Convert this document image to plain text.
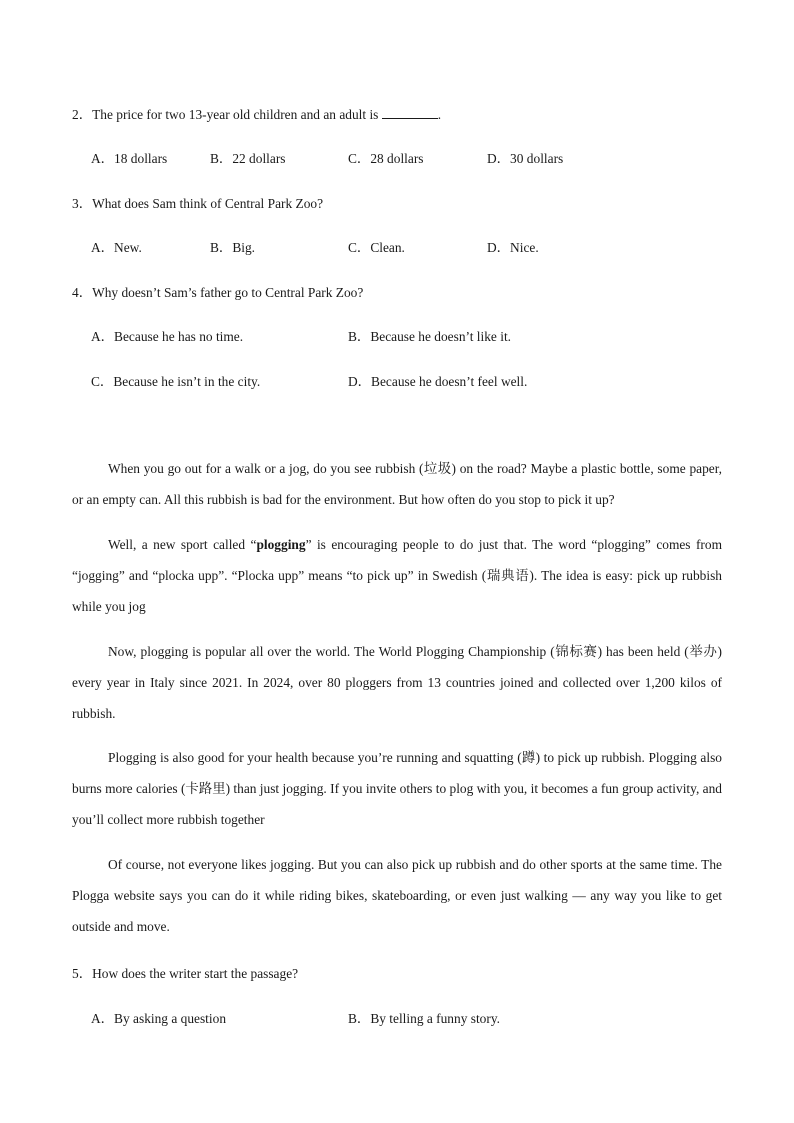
2．The price for two 13-year old children and an adult is	.
A．18 dollars	B．22 dollars	C．28 dollars	D．30 dollars
3．What does Sam think of Central Park Zoo?
A．New.	B．Big.	C．Clean.	D．Nice.
4．Why doesn’t Sam’s father go to Central Park Zoo?
A．Because he has no time.	B．Because he doesn’t like it.
C．Because he isn’t in the city.	D．Because he doesn’t feel well.
When you go out for a walk or a jog, do you see rubbish (垃圾) on the road? Maybe a plastic bottle, some paper, or an empty can. All this rubbish is bad for the environment. But how often do you stop to pick it up?
Well, a new sport called “plogging” is encouraging people to do just that. The word “plogging” comes from “jogging” and “plocka upp”. “Plocka upp” means “to pick up” in Swedish (瑞典语). The idea is easy: pick up rubbish while you jog
Now, plogging is popular all over the world. The World Plogging Championship (锦标赛) has been held (举办) every year in Italy since 2021. In 2024, over 80 ploggers from 13 countries joined and collected over 1,200 kilos of rubbish.
Plogging is also good for your health because you’re running and squatting (蹲) to pick up rubbish. Plogging also burns more calories (卡路里) than just jogging. If you invite others to plog with you, it becomes a fun group activity, and you’ll collect more rubbish together
Of course, not everyone likes jogging. But you can also pick up rubbish and do other sports at the same time. The Plogga website says you can do it while riding bikes, skateboarding, or even just walking — any way you like to get outside and move.
5．How does the writer start the passage?
A．By asking a question	B．By telling a funny story.
